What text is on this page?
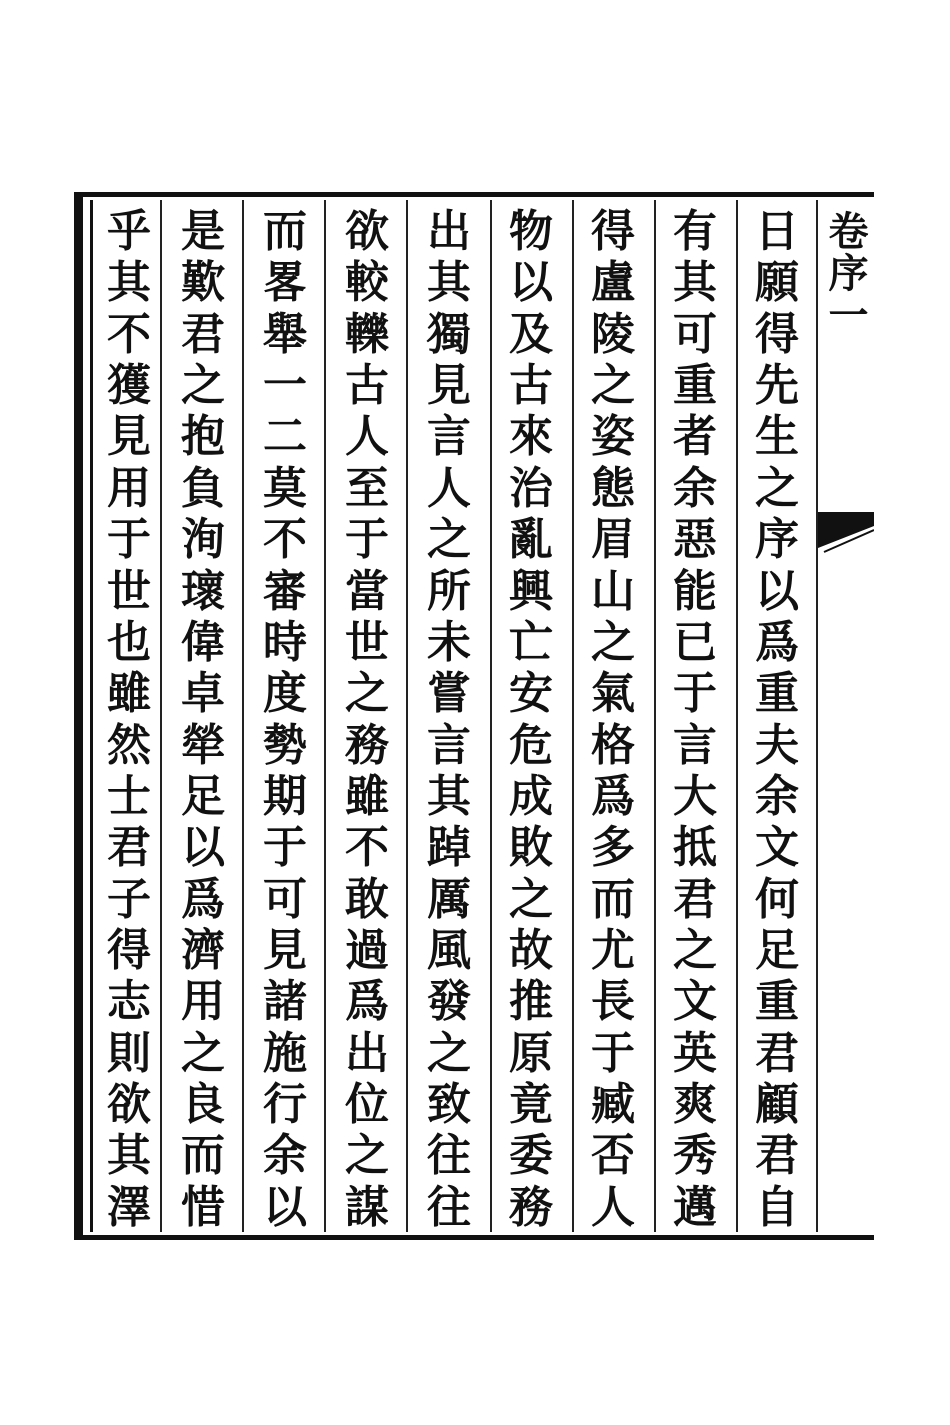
卷序一
日
願
得
先
生
之
序
以
爲
重
夫
余
文
何
足
重
君
顧
君
自
有
其
可
重
者
余
惡
能
已
于
言
大
抵
君
之
文
英
爽
秀
邁
得
盧
陵
之
姿
態
眉
山
之
氣
格
爲
多
而
尤
長
于
臧
否
人
物
以
及
古
來
治
亂
興
亡
安
危
成
敗
之
故
推
原
竟
委
務
出
其
獨
見
言
人
之
所
未
嘗
言
其
踔
厲
風
發
之
致
往
往
欲
較
轢
古
人
至
于
當
世
之
務
雖
不
敢
過
爲
出
位
之
謀
而
畧
舉
一
二
莫
不
審
時
度
勢
期
于
可
見
諸
施
行
余
以
是
歎
君
之
抱
負
洵
瓌
偉
卓
犖
足
以
爲
濟
用
之
良
而
惜
乎
其
不
獲
見
用
于
世
也
雖
然
士
君
子
得
志
則
欲
其
澤
